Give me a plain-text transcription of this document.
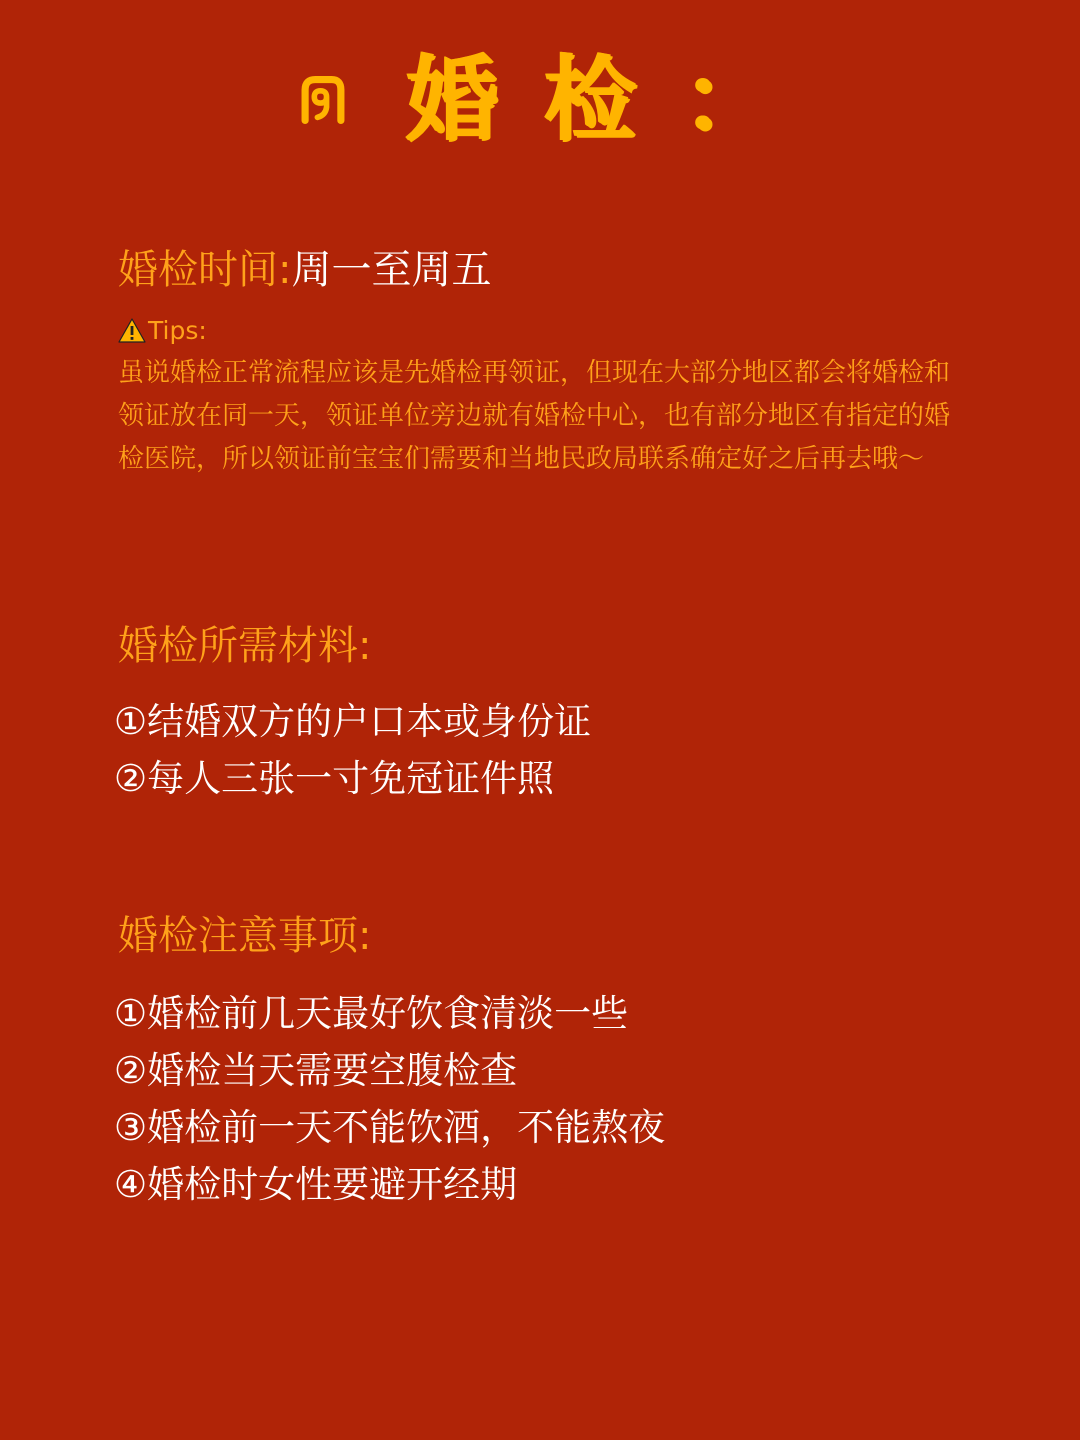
婚检：
婚检时间:周一至周五
Tips:
虽说婚检正常流程应该是先婚检再领证，但现在大部分地区都会将婚检和领证放在同一天，领证单位旁边就有婚检中心，也有部分地区有指定的婚检医院，所以领证前宝宝们需要和当地民政局联系确定好之后再去哦～
婚检所需材料:
①结婚双方的户口本或身份证
②每人三张一寸免冠证件照
婚检注意事项:
①婚检前几天最好饮食清淡一些
②婚检当天需要空腹检查
③婚检前一天不能饮酒，不能熬夜
④婚检时女性要避开经期
